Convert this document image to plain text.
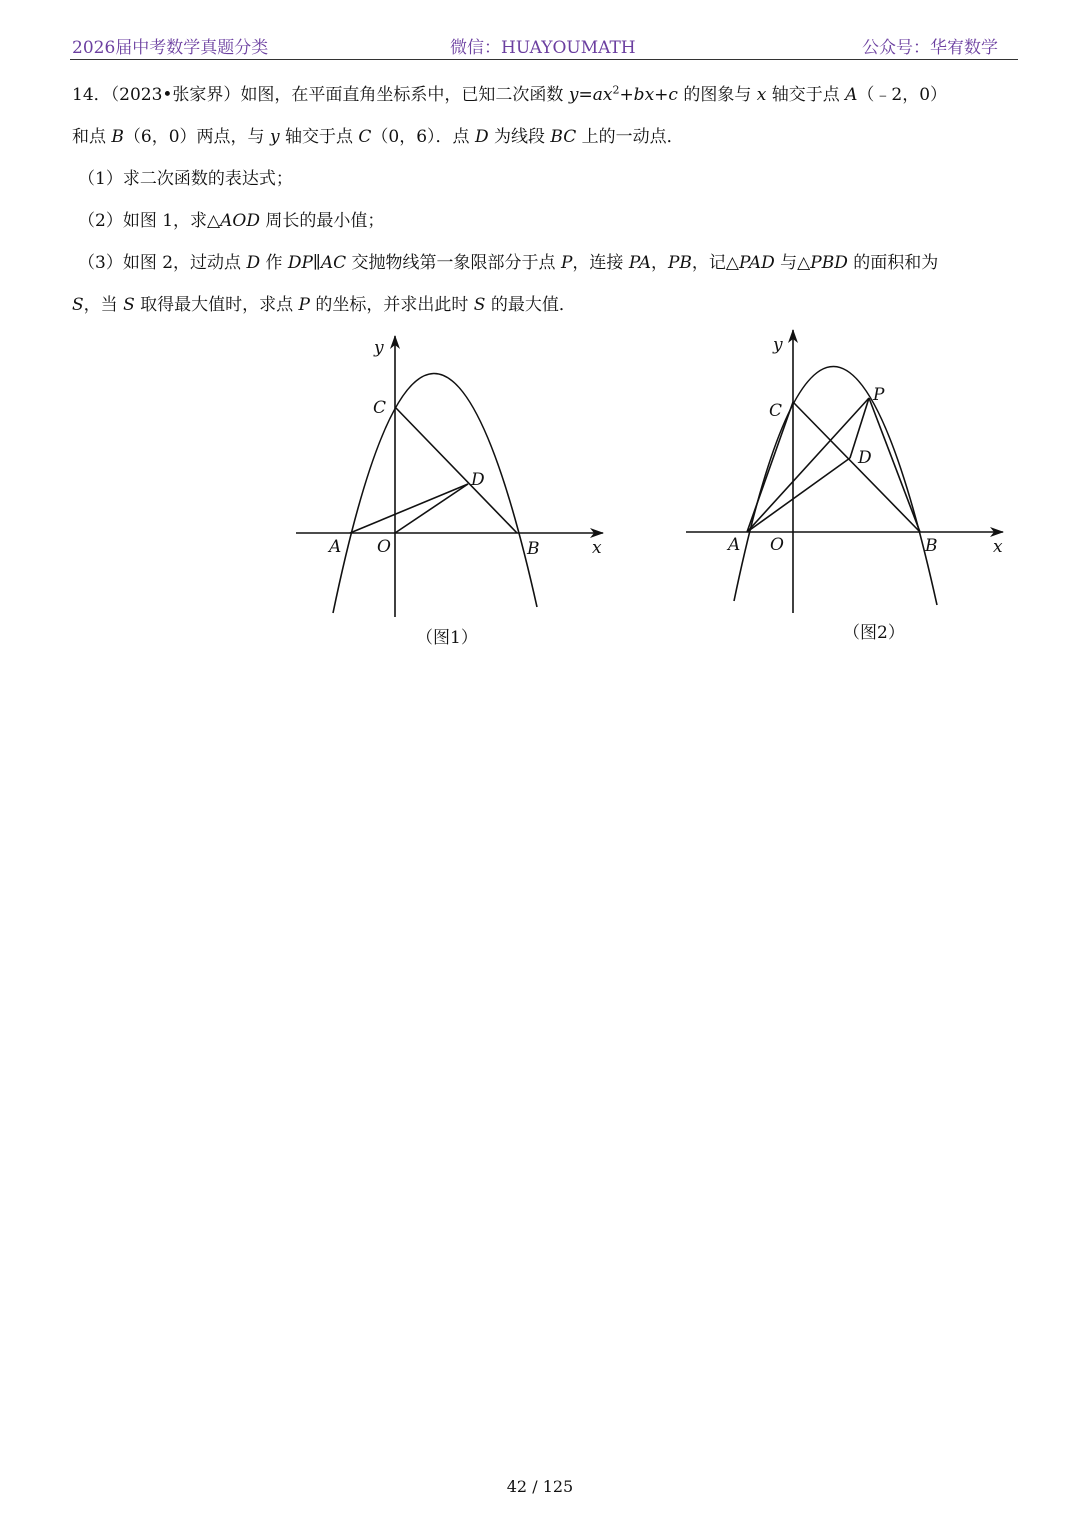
2026届中考数学真题分类	微信：HUAYOUMATH	公众号：华宥数学

14．（2023•张家界）如图，在平面直角坐标系中，已知二次函数 $y=ax^2+bx+c$ 的图象与 x 轴交于点 A（﹣2，0）

和点 B（6，0）两点，与 y 轴交于点 C（0，6）．点 D 为线段 BC 上的一动点．

（1）求二次函数的表达式；

（2）如图 1，求△AOD 周长的最小值；

（3）如图 2，过动点 D 作 DP∥AC 交抛物线第一象限部分于点 P，连接 PA，PB，记△PAD 与△PBD 的面积和为

S，当 S 取得最大值时，求点 P 的坐标，并求出此时 S 的最大值．

y
C
D
A O	B	x
（图1）
y
C
P
D
A O	B	x
（图2）
42 / 125
